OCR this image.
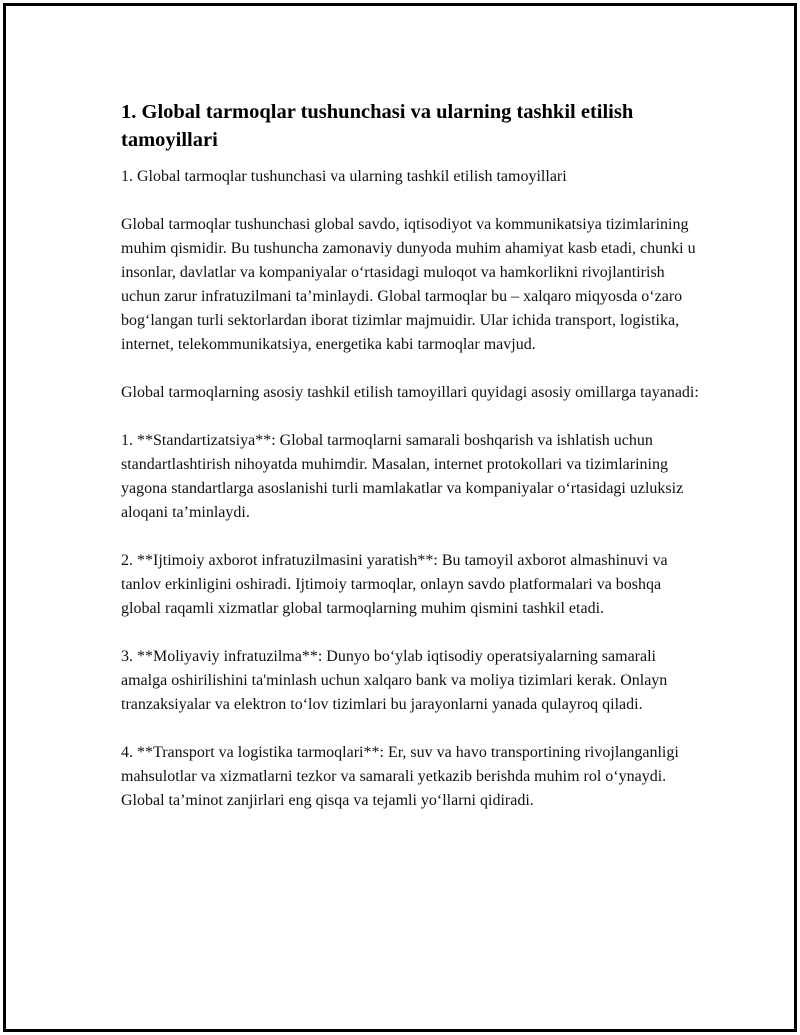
1. Global tarmoqlar tushunchasi va ularning tashkil etilish tamoyillari

1. Global tarmoqlar tushunchasi va ularning tashkil etilish tamoyillari

Global tarmoqlar tushunchasi global savdo, iqtisodiyot va kommunikatsiya tizimlarining muhim qismidir. Bu tushuncha zamonaviy dunyoda muhim ahamiyat kasb etadi, chunki u insonlar, davlatlar va kompaniyalar oʻrtasidagi muloqot va hamkorlikni rivojlantirish uchun zarur infratuzilmani taʼminlaydi. Global tarmoqlar bu – xalqaro miqyosda oʻzaro bogʻlangan turli sektorlardan iborat tizimlar majmuidir. Ular ichida transport, logistika, internet, telekommunikatsiya, energetika kabi tarmoqlar mavjud.

Global tarmoqlarning asosiy tashkil etilish tamoyillari quyidagi asosiy omillarga tayanadi:

1. **Standartizatsiya**: Global tarmoqlarni samarali boshqarish va ishlatish uchun standartlashtirish nihoyatda muhimdir. Masalan, internet protokollari va tizimlarining yagona standartlarga asoslanishi turli mamlakatlar va kompaniyalar oʻrtasidagi uzluksiz aloqani taʼminlaydi.

2. **Ijtimoiy axborot infratuzilmasini yaratish**: Bu tamoyil axborot almashinuvi va tanlov erkinligini oshiradi. Ijtimoiy tarmoqlar, onlayn savdo platformalari va boshqa global raqamli xizmatlar global tarmoqlarning muhim qismini tashkil etadi.

3. **Moliyaviy infratuzilma**: Dunyo boʻylab iqtisodiy operatsiyalarning samarali amalga oshirilishini ta'minlash uchun xalqaro bank va moliya tizimlari kerak. Onlayn tranzaksiyalar va elektron toʻlov tizimlari bu jarayonlarni yanada qulayroq qiladi.

4. **Transport va logistika tarmoqlari**: Er, suv va havo transportining rivojlanganligi mahsulotlar va xizmatlarni tezkor va samarali yetkazib berishda muhim rol oʻynaydi. Global taʼminot zanjirlari eng qisqa va tejamli yoʻllarni qidiradi.
